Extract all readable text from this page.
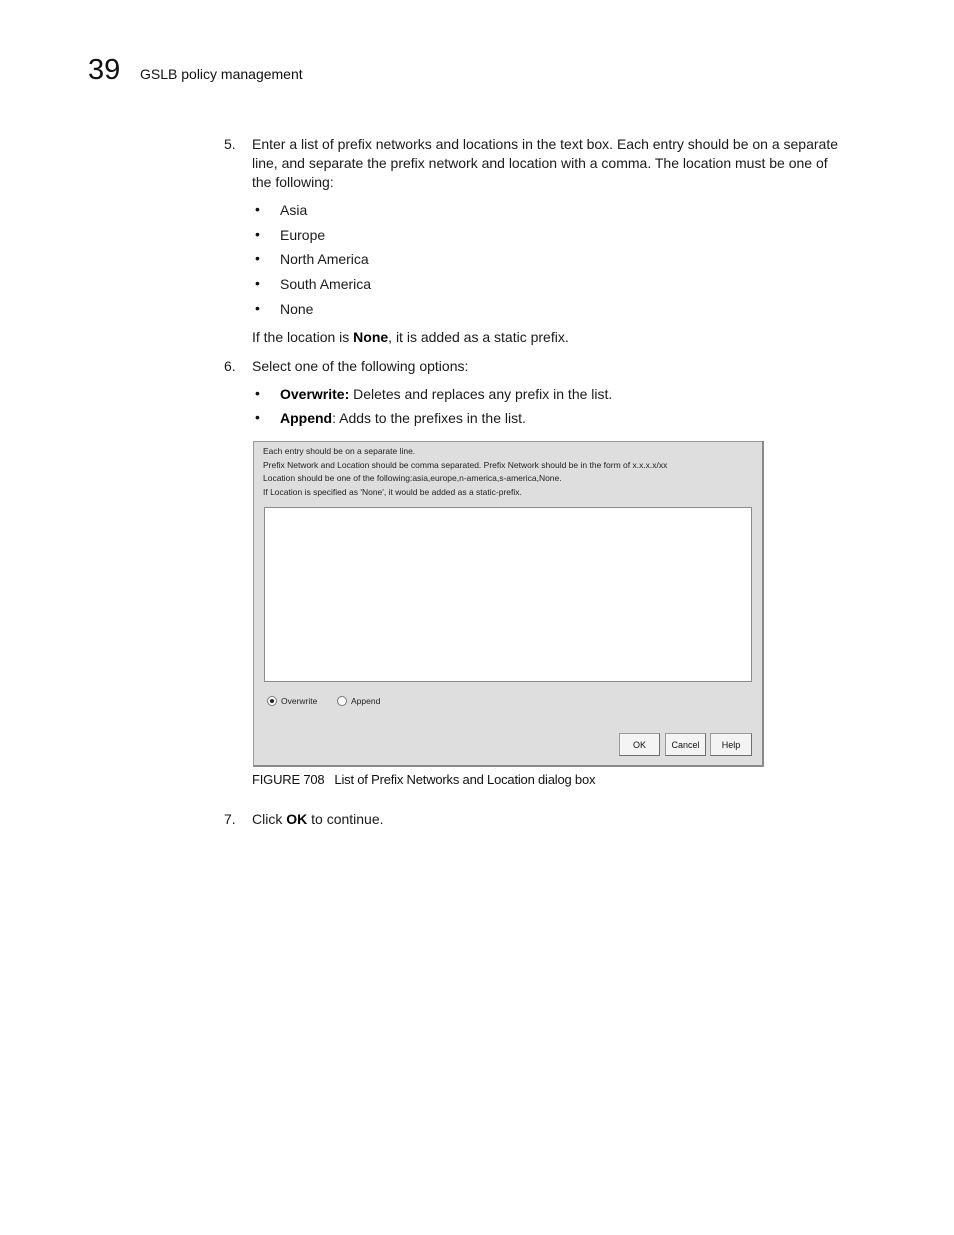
39 GSLB policy management
5. Enter a list of prefix networks and locations in the text box. Each entry should be on a separate
line, and separate the prefix network and location with a comma. The location must be one of
the following:
• Asia
• Europe
• North America
• South America
• None
If the location is None, it is added as a static prefix.
6. Select one of the following options:
• Overwrite: Deletes and replaces any prefix in the list.
• Append: Adds to the prefixes in the list.
Each entry should be on a separate line.
Prefix Network and Location should be comma separated. Prefix Network should be in the form of x.x.x.x/xx
Location should be one of the following:asia,europe,n-america,s-america,None.
If Location is specified as 'None', it would be added as a static-prefix.
Overwrite	Append
OK	Cancel	Help
FIGURE 708 List of Prefix Networks and Location dialog box
7. Click OK to continue.
